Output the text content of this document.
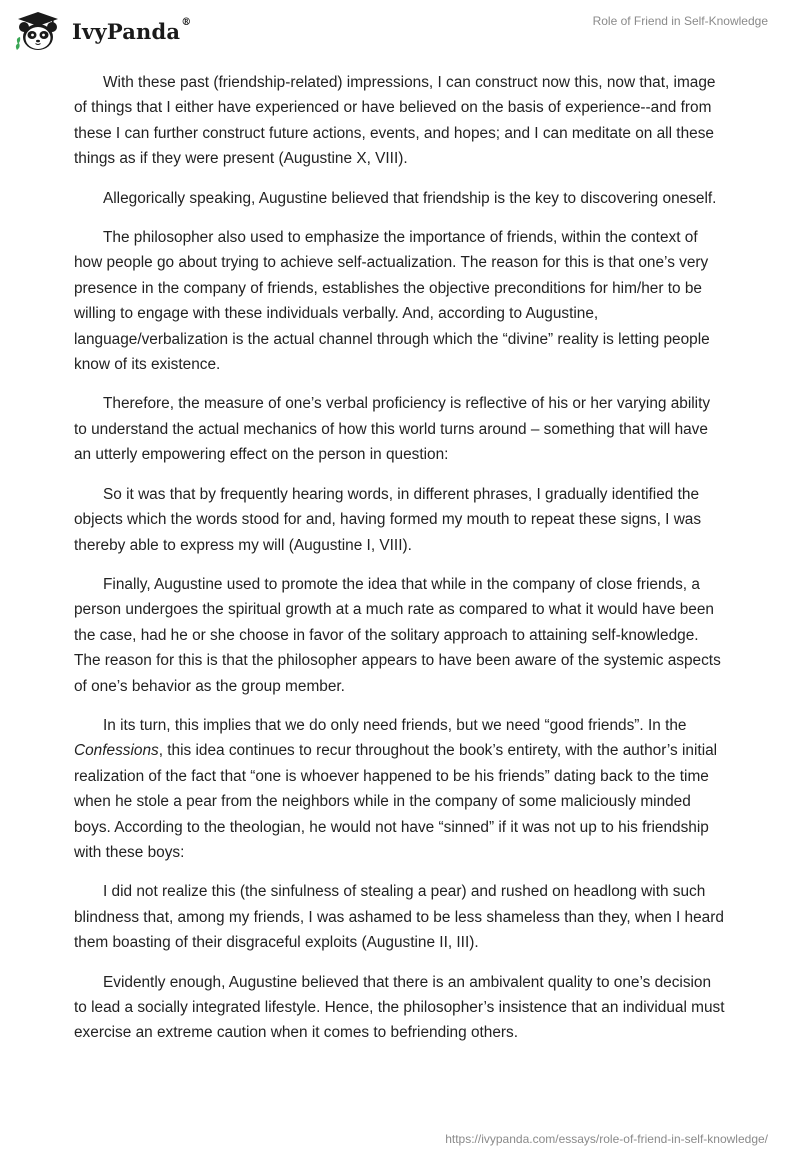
IvyPanda®	Role of Friend in Self-Knowledge

With these past (friendship-related) impressions, I can construct now this, now that, image of things that I either have experienced or have believed on the basis of experience--and from these I can further construct future actions, events, and hopes; and I can meditate on all these things as if they were present (Augustine X, VIII).

Allegorically speaking, Augustine believed that friendship is the key to discovering oneself.

The philosopher also used to emphasize the importance of friends, within the context of how people go about trying to achieve self-actualization. The reason for this is that one’s very presence in the company of friends, establishes the objective preconditions for him/her to be willing to engage with these individuals verbally. And, according to Augustine, language/verbalization is the actual channel through which the “divine” reality is letting people know of its existence.

Therefore, the measure of one’s verbal proficiency is reflective of his or her varying ability to understand the actual mechanics of how this world turns around – something that will have an utterly empowering effect on the person in question:

So it was that by frequently hearing words, in different phrases, I gradually identified the objects which the words stood for and, having formed my mouth to repeat these signs, I was thereby able to express my will (Augustine I, VIII).

Finally, Augustine used to promote the idea that while in the company of close friends, a person undergoes the spiritual growth at a much rate as compared to what it would have been the case, had he or she choose in favor of the solitary approach to attaining self-knowledge. The reason for this is that the philosopher appears to have been aware of the systemic aspects of one’s behavior as the group member.

In its turn, this implies that we do only need friends, but we need “good friends”. In the Confessions, this idea continues to recur throughout the book’s entirety, with the author’s initial realization of the fact that “one is whoever happened to be his friends” dating back to the time when he stole a pear from the neighbors while in the company of some maliciously minded boys. According to the theologian, he would not have “sinned” if it was not up to his friendship with these boys:

I did not realize this (the sinfulness of stealing a pear) and rushed on headlong with such blindness that, among my friends, I was ashamed to be less shameless than they, when I heard them boasting of their disgraceful exploits (Augustine II, III).

Evidently enough, Augustine believed that there is an ambivalent quality to one’s decision to lead a socially integrated lifestyle. Hence, the philosopher’s insistence that an individual must exercise an extreme caution when it comes to befriending others.

https://ivypanda.com/essays/role-of-friend-in-self-knowledge/
